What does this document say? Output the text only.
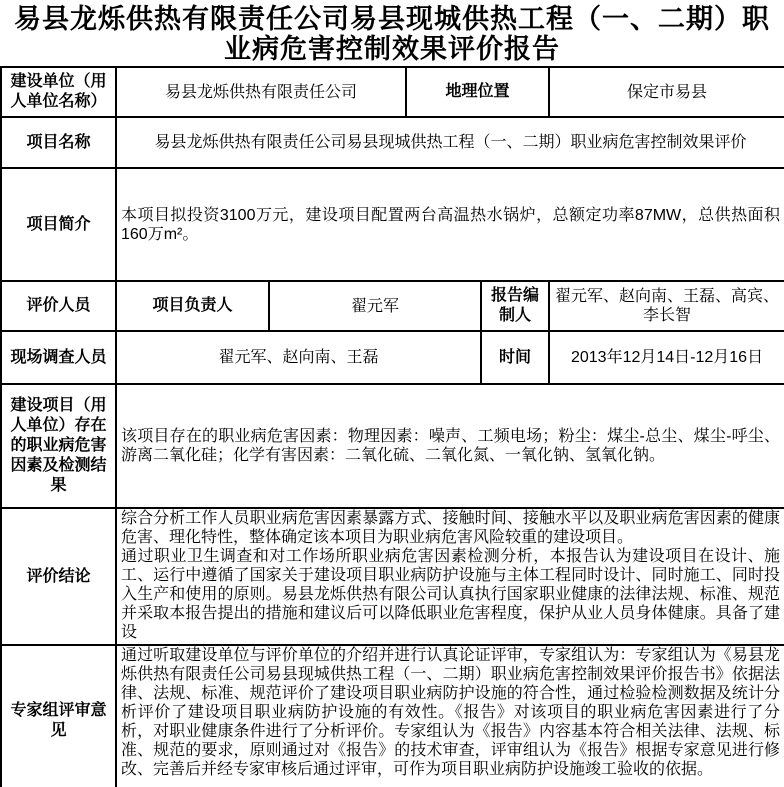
易县龙烁供热有限责任公司易县现城供热工程（一、二期）职业病危害控制效果评价报告
建设单位（用人单位名称）	易县龙烁供热有限责任公司		地理位置		保定市易县
项目名称	易县龙烁供热有限责任公司易县现城供热工程（一、二期）职业病危害控制效果评价				
项目简介	本项目拟投资3100万元，建设项目配置两台高温热水锅炉，总额定功率87MW，总供热面积160万m²。				
评价人员	项目负责人	翟元军		报告编制人	翟元军、赵向南、王磊、高宾、李长智
现场调查人员	翟元军、赵向南、王磊			时间	2013年12月14日-12月16日
建设项目（用人单位）存在的职业病危害因素及检测结果	该项目存在的职业病危害因素：物理因素：噪声、工频电场；粉尘：煤尘-总尘、煤尘-呼尘、游离二氧化硅；化学有害因素：二氧化硫、二氧化氮、一氧化钠、氢氧化钠。				
评价结论	综合分析工作人员职业病危害因素暴露方式、接触时间、接触水平以及职业病危害因素的健康危害、理化特性，整体确定该本项目为职业病危害风险较重的建设项目。
通过职业卫生调查和对工作场所职业病危害因素检测分析，本报告认为建设项目在设计、施工、运行中遵循了国家关于建设项目职业病防护设施与主体工程同时设计、同时施工、同时投入生产和使用的原则。易县龙烁供热有限公司认真执行国家职业健康的法律法规、标准、规范并采取本报告提出的措施和建议后可以降低职业危害程度，保护从业人员身体健康。具备了建设				

专家组评审意见	通过听取建设单位与评价单位的介绍并进行认真论证评审，专家组认为：专家组认为《易县龙烁供热有限责任公司易县现城供热工程（一、二期）职业病危害控制效果评价报告书》依据法律、法规、标准、规范评价了建设项目职业病防护设施的符合性，通过检验检测数据及统计分析评价了建设项目职业病防护设施的有效性。《报告》对该项目的职业病危害因素进行了分析，对职业健康条件进行了分析评价。专家组认为《报告》内容基本符合相关法律、法规、标准、规范的要求，原则通过对《报告》的技术审查，评审组认为《报告》根据专家意见进行修改、完善后并经专家审核后通过评审，可作为项目职业病防护设施竣工验收的依据。				
